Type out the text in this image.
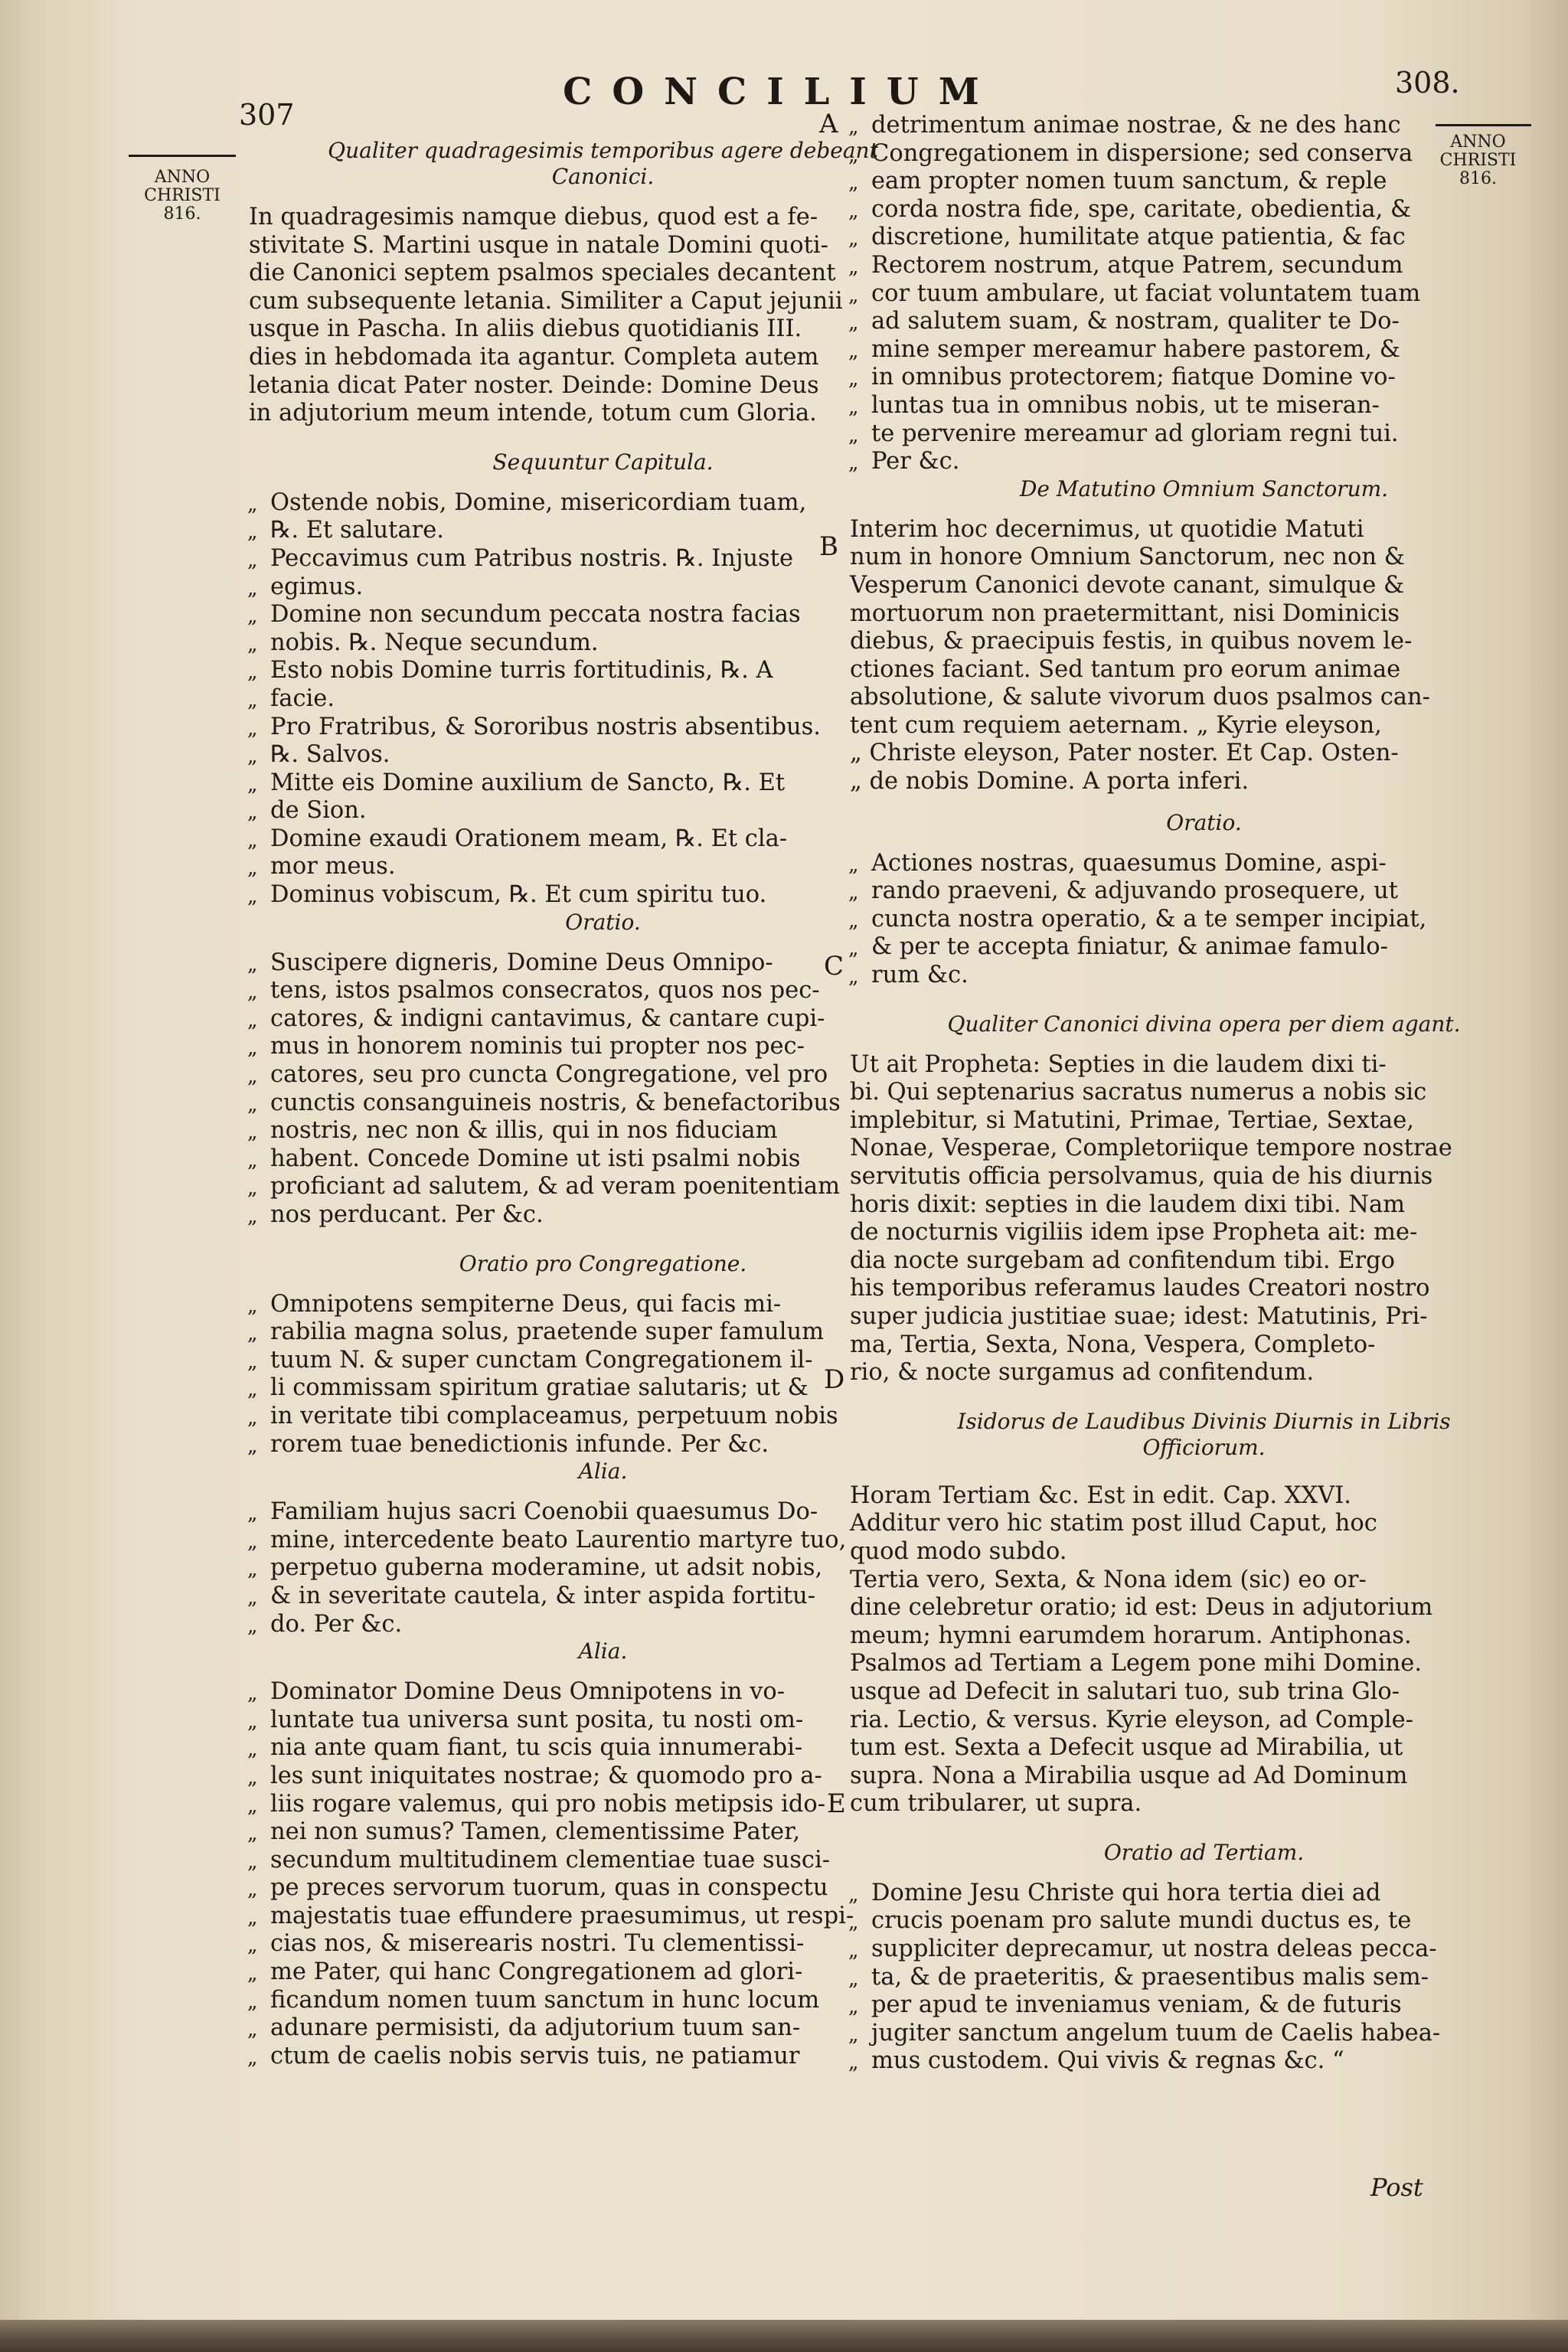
307
CONCILIUM	308.
ANNO
CHRISTI
816.
ANNO
CHRISTI
816.
A
B
C
D
E
Qualiter quadragesimis temporibus agere debeant
Canonici.
In quadragesimis namque diebus, quod est a fe-
stivitate S. Martini usque in natale Domini quoti-
die Canonici septem psalmos speciales decantent
cum subsequente letania. Similiter a Caput jejunii
usque in Pascha. In aliis diebus quotidianis III.
dies in hebdomada ita agantur. Completa autem
letania dicat Pater noster. Deinde: Domine Deus
in adjutorium meum intende, totum cum Gloria.
Sequuntur Capitula.
„ Ostende nobis, Domine, misericordiam tuam,
„ ℞. Et salutare.
„ Peccavimus cum Patribus nostris. ℞. Injuste
„ egimus.
„ Domine non secundum peccata nostra facias
„ nobis. ℞. Neque secundum.
„ Esto nobis Domine turris fortitudinis, ℞. A
„ facie.
„ Pro Fratribus, & Sororibus nostris absentibus.
„ ℞. Salvos.
„ Mitte eis Domine auxilium de Sancto, ℞. Et
„ de Sion.
„ Domine exaudi Orationem meam, ℞. Et cla-
„ mor meus.
„ Dominus vobiscum, ℞. Et cum spiritu tuo.
Oratio.
„ Suscipere digneris, Domine Deus Omnipo-
„ tens, istos psalmos consecratos, quos nos pec-
„ catores, & indigni cantavimus, & cantare cupi-
„ mus in honorem nominis tui propter nos pec-
„ catores, seu pro cuncta Congregatione, vel pro
„ cunctis consanguineis nostris, & benefactoribus
„ nostris, nec non & illis, qui in nos fiduciam
„ habent. Concede Domine ut isti psalmi nobis
„ proficiant ad salutem, & ad veram poenitentiam
„ nos perducant. Per &c.
Oratio pro Congregatione.
„ Omnipotens sempiterne Deus, qui facis mi-
„ rabilia magna solus, praetende super famulum
„ tuum N. & super cunctam Congregationem il-
„ li commissam spiritum gratiae salutaris; ut &
„ in veritate tibi complaceamus, perpetuum nobis
„ rorem tuae benedictionis infunde. Per &c.
Alia.
„ Familiam hujus sacri Coenobii quaesumus Do-
„ mine, intercedente beato Laurentio martyre tuo,
„ perpetuo guberna moderamine, ut adsit nobis,
„ & in severitate cautela, & inter aspida fortitu-
„ do. Per &c.
Alia.
„ Dominator Domine Deus Omnipotens in vo-
„ luntate tua universa sunt posita, tu nosti om-
„ nia ante quam fiant, tu scis quia innumerabi-
„ les sunt iniquitates nostrae; & quomodo pro a-
„ liis rogare valemus, qui pro nobis metipsis ido-
„ nei non sumus? Tamen, clementissime Pater,
„ secundum multitudinem clementiae tuae susci-
„ pe preces servorum tuorum, quas in conspectu
„ majestatis tuae effundere praesumimus, ut respi-
„ cias nos, & miserearis nostri. Tu clementissi-
„ me Pater, qui hanc Congregationem ad glori-
„ ficandum nomen tuum sanctum in hunc locum
„ adunare permisisti, da adjutorium tuum san-
„ ctum de caelis nobis servis tuis, ne patiamur
„ detrimentum animae nostrae, & ne des hanc
„ Congregationem in dispersione; sed conserva
„ eam propter nomen tuum sanctum, & reple
„ corda nostra fide, spe, caritate, obedientia, &
„ discretione, humilitate atque patientia, & fac
„ Rectorem nostrum, atque Patrem, secundum
„ cor tuum ambulare, ut faciat voluntatem tuam
„ ad salutem suam, & nostram, qualiter te Do-
„ mine semper mereamur habere pastorem, &
„ in omnibus protectorem; fiatque Domine vo-
„ luntas tua in omnibus nobis, ut te miseran-
„ te pervenire mereamur ad gloriam regni tui.
„ Per &c.
De Matutino Omnium Sanctorum.
Interim hoc decernimus, ut quotidie Matuti
num in honore Omnium Sanctorum, nec non &
Vesperum Canonici devote canant, simulque &
mortuorum non praetermittant, nisi Dominicis
diebus, & praecipuis festis, in quibus novem le-
ctiones faciant. Sed tantum pro eorum animae
absolutione, & salute vivorum duos psalmos can-
tent cum requiem aeternam. „ Kyrie eleyson,
„ Christe eleyson, Pater noster. Et Cap. Osten-
„ de nobis Domine. A porta inferi.
Oratio.
„ Actiones nostras, quaesumus Domine, aspi-
„ rando praeveni, & adjuvando prosequere, ut
„ cuncta nostra operatio, & a te semper incipiat,
„ & per te accepta finiatur, & animae famulo-
„ rum &c.
Qualiter Canonici divina opera per diem agant.
Ut ait Propheta: Septies in die laudem dixi ti-
bi. Qui septenarius sacratus numerus a nobis sic
implebitur, si Matutini, Primae, Tertiae, Sextae,
Nonae, Vesperae, Completoriique tempore nostrae
servitutis officia persolvamus, quia de his diurnis
horis dixit: septies in die laudem dixi tibi. Nam
de nocturnis vigiliis idem ipse Propheta ait: me-
dia nocte surgebam ad confitendum tibi. Ergo
his temporibus referamus laudes Creatori nostro
super judicia justitiae suae; idest: Matutinis, Pri-
ma, Tertia, Sexta, Nona, Vespera, Completo-
rio, & nocte surgamus ad confitendum.
Isidorus de Laudibus Divinis Diurnis in Libris
Officiorum.
Horam Tertiam &c. Est in edit. Cap. XXVI.
Additur vero hic statim post illud Caput, hoc
quod modo subdo.
Tertia vero, Sexta, & Nona idem (sic) eo or-
dine celebretur oratio; id est: Deus in adjutorium
meum; hymni earumdem horarum. Antiphonas.
Psalmos ad Tertiam a Legem pone mihi Domine.
usque ad Defecit in salutari tuo, sub trina Glo-
ria. Lectio, & versus. Kyrie eleyson, ad Comple-
tum est. Sexta a Defecit usque ad Mirabilia, ut
supra. Nona a Mirabilia usque ad Ad Dominum
cum tribularer, ut supra.
Oratio ad Tertiam.
„ Domine Jesu Christe qui hora tertia diei ad
„ crucis poenam pro salute mundi ductus es, te
„ suppliciter deprecamur, ut nostra deleas pecca-
„ ta, & de praeteritis, & praesentibus malis sem-
„ per apud te inveniamus veniam, & de futuris
„ jugiter sanctum angelum tuum de Caelis habea-
„ mus custodem. Qui vivis & regnas &c. “
Post
